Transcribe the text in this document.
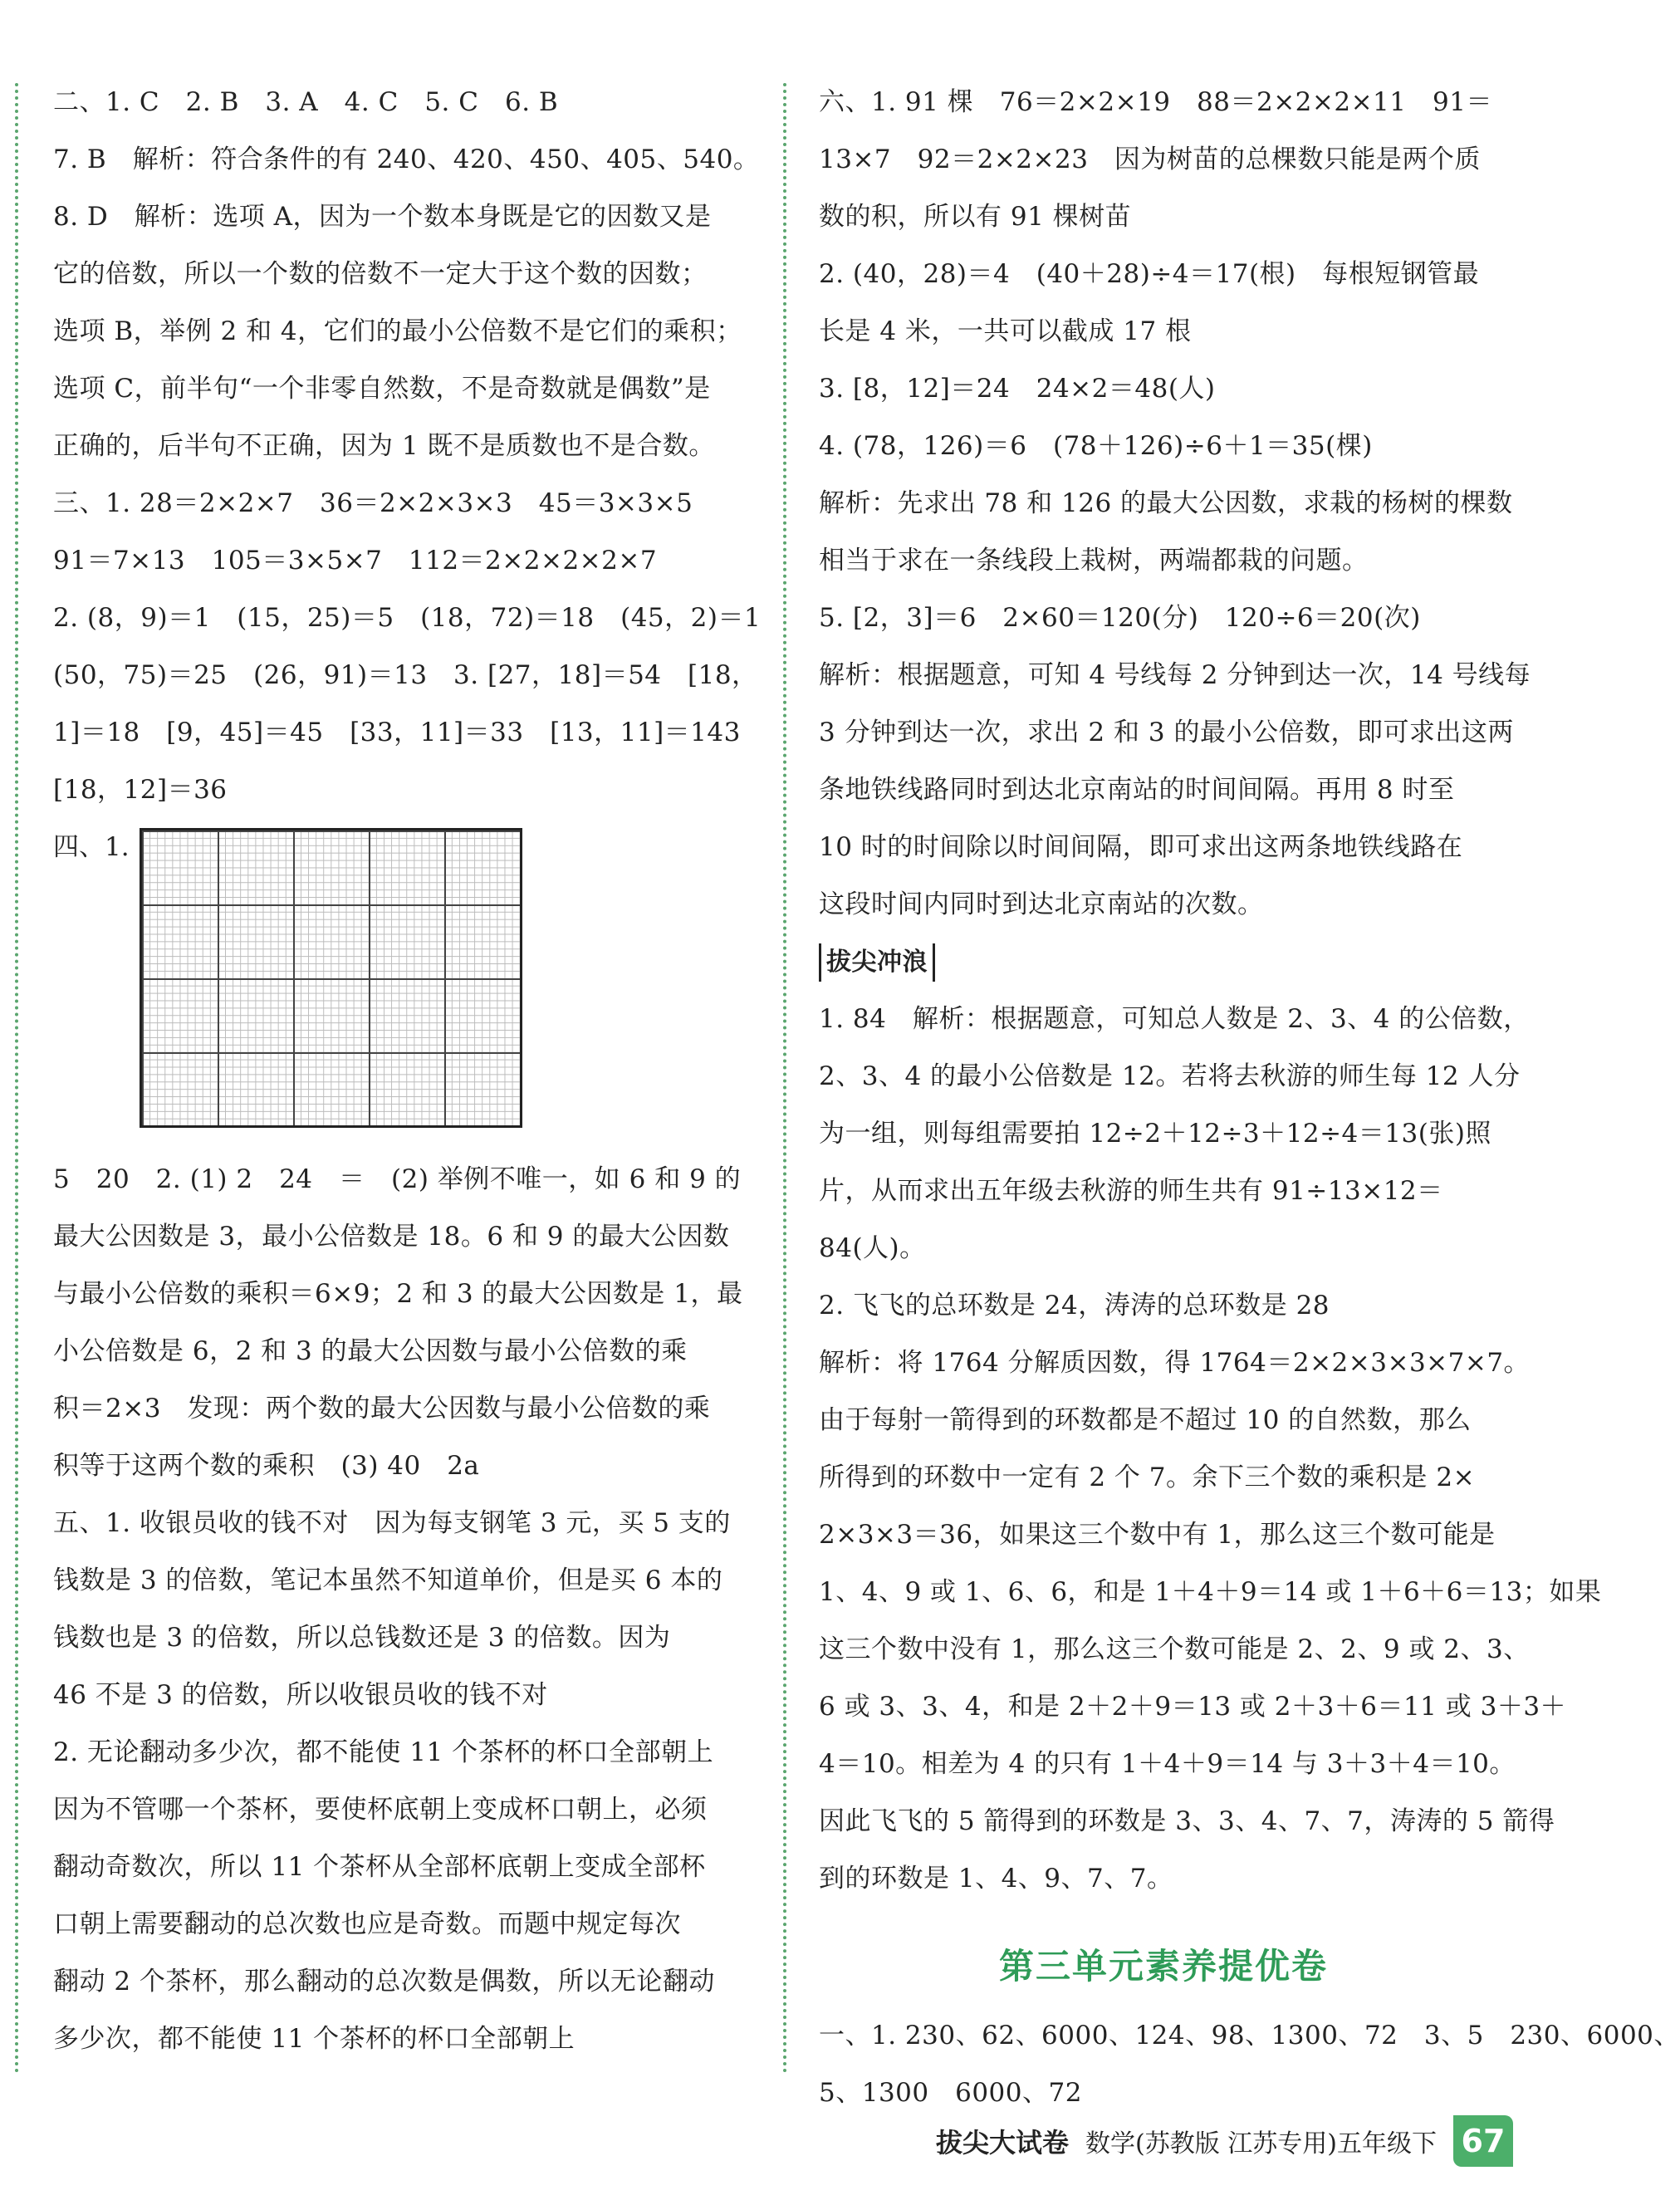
二、1. C　2. B　3. A　4. C　5. C　6. B
7. B　解析：符合条件的有 240、420、450、405、540。
8. D　解析：选项 A，因为一个数本身既是它的因数又是
它的倍数，所以一个数的倍数不一定大于这个数的因数；
选项 B，举例 2 和 4，它们的最小公倍数不是它们的乘积；
选项 C，前半句“一个非零自然数，不是奇数就是偶数”是
正确的，后半句不正确，因为 1 既不是质数也不是合数。
三、1. 28＝2×2×7　36＝2×2×3×3　45＝3×3×5
91＝7×13　105＝3×5×7　112＝2×2×2×2×7
2. (8，9)＝1　(15，25)＝5　(18，72)＝18　(45，2)＝1
(50，75)＝25　(26，91)＝13　3. [27，18]＝54　[18，
1]＝18　[9，45]＝45　[33，11]＝33　[13，11]＝143
[18，12]＝36
四、1.
5　20　2. (1) 2　24　＝　(2) 举例不唯一，如 6 和 9 的
最大公因数是 3，最小公倍数是 18。6 和 9 的最大公因数
与最小公倍数的乘积＝6×9；2 和 3 的最大公因数是 1，最
小公倍数是 6，2 和 3 的最大公因数与最小公倍数的乘
积＝2×3　发现：两个数的最大公因数与最小公倍数的乘
积等于这两个数的乘积　(3) 40　2a
五、1. 收银员收的钱不对　因为每支钢笔 3 元，买 5 支的
钱数是 3 的倍数，笔记本虽然不知道单价，但是买 6 本的
钱数也是 3 的倍数，所以总钱数还是 3 的倍数。因为
46 不是 3 的倍数，所以收银员收的钱不对
2. 无论翻动多少次，都不能使 11 个茶杯的杯口全部朝上
因为不管哪一个茶杯，要使杯底朝上变成杯口朝上，必须
翻动奇数次，所以 11 个茶杯从全部杯底朝上变成全部杯
口朝上需要翻动的总次数也应是奇数。而题中规定每次
翻动 2 个茶杯，那么翻动的总次数是偶数，所以无论翻动
多少次，都不能使 11 个茶杯的杯口全部朝上
六、1. 91 棵　76＝2×2×19　88＝2×2×2×11　91＝
13×7　92＝2×2×23　因为树苗的总棵数只能是两个质
数的积，所以有 91 棵树苗
2. (40，28)＝4　(40＋28)÷4＝17(根)　每根短钢管最
长是 4 米，一共可以截成 17 根
3. [8，12]＝24　24×2＝48(人)
4. (78，126)＝6　(78＋126)÷6＋1＝35(棵)
解析：先求出 78 和 126 的最大公因数，求栽的杨树的棵数
相当于求在一条线段上栽树，两端都栽的问题。
5. [2，3]＝6　2×60＝120(分)　120÷6＝20(次)
解析：根据题意，可知 4 号线每 2 分钟到达一次，14 号线每
3 分钟到达一次，求出 2 和 3 的最小公倍数，即可求出这两
条地铁线路同时到达北京南站的时间间隔。再用 8 时至
10 时的时间除以时间间隔，即可求出这两条地铁线路在
这段时间内同时到达北京南站的次数。
拔尖冲浪
1. 84　解析：根据题意，可知总人数是 2、3、4 的公倍数，
2、3、4 的最小公倍数是 12。若将去秋游的师生每 12 人分
为一组，则每组需要拍 12÷2＋12÷3＋12÷4＝13(张)照
片，从而求出五年级去秋游的师生共有 91÷13×12＝
84(人)。
2. 飞飞的总环数是 24，涛涛的总环数是 28
解析：将 1764 分解质因数，得 1764＝2×2×3×3×7×7。
由于每射一箭得到的环数都是不超过 10 的自然数，那么
所得到的环数中一定有 2 个 7。余下三个数的乘积是 2×
2×3×3＝36，如果这三个数中有 1，那么这三个数可能是
1、4、9 或 1、6、6，和是 1＋4＋9＝14 或 1＋6＋6＝13；如果
这三个数中没有 1，那么这三个数可能是 2、2、9 或 2、3、
6 或 3、3、4，和是 2＋2＋9＝13 或 2＋3＋6＝11 或 3＋3＋
4＝10。相差为 4 的只有 1＋4＋9＝14 与 3＋3＋4＝10。
因此飞飞的 5 箭得到的环数是 3、3、4、7、7，涛涛的 5 箭得
到的环数是 1、4、9、7、7。
第三单元素养提优卷
一、1. 230、62、6000、124、98、1300、72　3、5　230、6000、
5、1300　6000、72
拔尖大试卷 数学(苏教版 江苏专用)五年级下 67
